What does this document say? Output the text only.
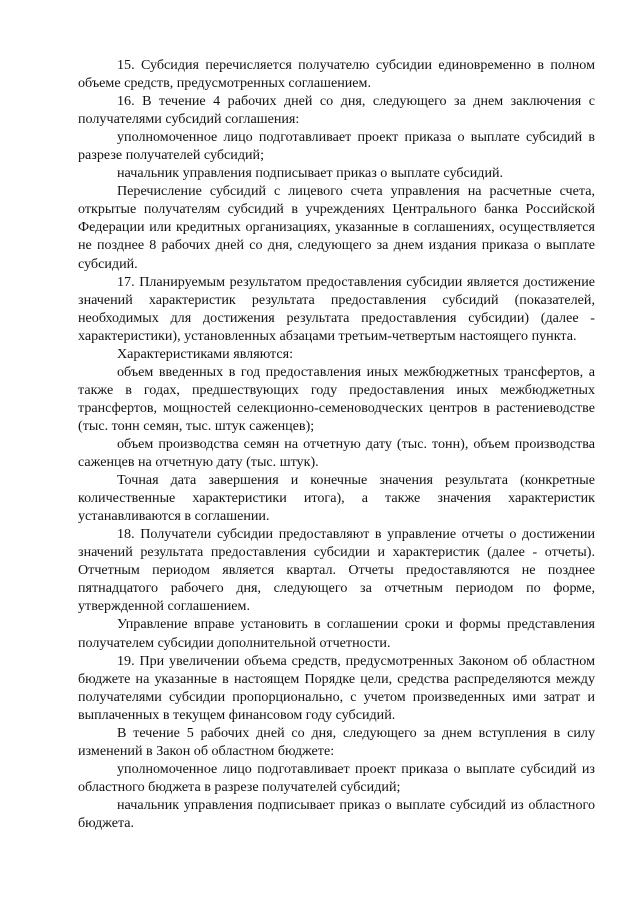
15. Субсидия перечисляется получателю субсидии единовременно в полном объеме средств, предусмотренных соглашением.

16. В течение 4 рабочих дней со дня, следующего за днем заключения с получателями субсидий соглашения:

уполномоченное лицо подготавливает проект приказа о выплате субсидий в разрезе получателей субсидий;

начальник управления подписывает приказ о выплате субсидий.

Перечисление субсидий с лицевого счета управления на расчетные счета, открытые получателям субсидий в учреждениях Центрального банка Российской Федерации или кредитных организациях, указанные в соглашениях, осуществляется не позднее 8 рабочих дней со дня, следующего за днем издания приказа о выплате субсидий.

17. Планируемым результатом предоставления субсидии является достижение значений характеристик результата предоставления субсидий (показателей, необходимых для достижения результата предоставления субсидии) (далее - характеристики), установленных абзацами третьим-четвертым настоящего пункта.

Характеристиками являются:

объем введенных в год предоставления иных межбюджетных трансфертов, а также в годах, предшествующих году предоставления иных межбюджетных трансфертов, мощностей селекционно-семеноводческих центров в растениеводстве (тыс. тонн семян, тыс. штук саженцев);

объем производства семян на отчетную дату (тыс. тонн), объем производства саженцев на отчетную дату (тыс. штук).

Точная дата завершения и конечные значения результата (конкретные количественные характеристики итога), а также значения характеристик устанавливаются в соглашении.

18. Получатели субсидии предоставляют в управление отчеты о достижении значений результата предоставления субсидии и характеристик (далее - отчеты). Отчетным периодом является квартал. Отчеты предоставляются не позднее пятнадцатого рабочего дня, следующего за отчетным периодом по форме, утвержденной соглашением.

Управление вправе установить в соглашении сроки и формы представления получателем субсидии дополнительной отчетности.

19. При увеличении объема средств, предусмотренных Законом об областном бюджете на указанные в настоящем Порядке цели, средства распределяются между получателями субсидии пропорционально, с учетом произведенных ими затрат и выплаченных в текущем финансовом году субсидий.

В течение 5 рабочих дней со дня, следующего за днем вступления в силу изменений в Закон об областном бюджете:

уполномоченное лицо подготавливает проект приказа о выплате субсидий из областного бюджета в разрезе получателей субсидий;

начальник управления подписывает приказ о выплате субсидий из областного бюджета.
